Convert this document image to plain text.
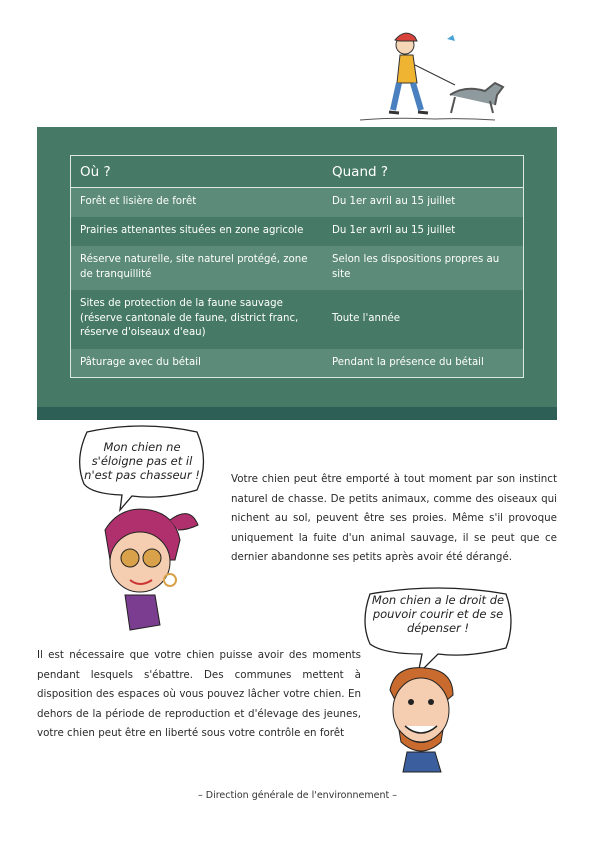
Où ?	Quand ?
Forêt et lisière de forêt	Du 1er avril au 15 juillet
Prairies attenantes situées en zone agricole	Du 1er avril au 15 juillet
Réserve naturelle, site naturel protégé, zone de tranquillité	Selon les dispositions propres au site
Sites de protection de la faune sauvage (réserve cantonale de faune, district franc, réserve d'oiseaux d'eau)	Toute l'année
Pâturage avec du bétail	Pendant la présence du bétail
Mon chien ne s'éloigne pas et il n'est pas chasseur !	Votre chien peut être emporté à tout moment par son instinct naturel de chasse. De petits animaux, comme des oiseaux qui nichent au sol, peuvent être ses proies. Même s'il provoque uniquement la fuite d'un animal sauvage, il se peut que ce dernier abandonne ses petits après avoir été dérangé.
Mon chien a le droit de pouvoir courir et de se dépenser !
Il est nécessaire que votre chien puisse avoir des moments pendant lesquels s'ébattre. Des communes mettent à disposition des espaces où vous pouvez lâcher votre chien. En dehors de la période de reproduction et d'élevage des jeunes, votre chien peut être en liberté sous votre contrôle en forêt
– Direction générale de l'environnement –
